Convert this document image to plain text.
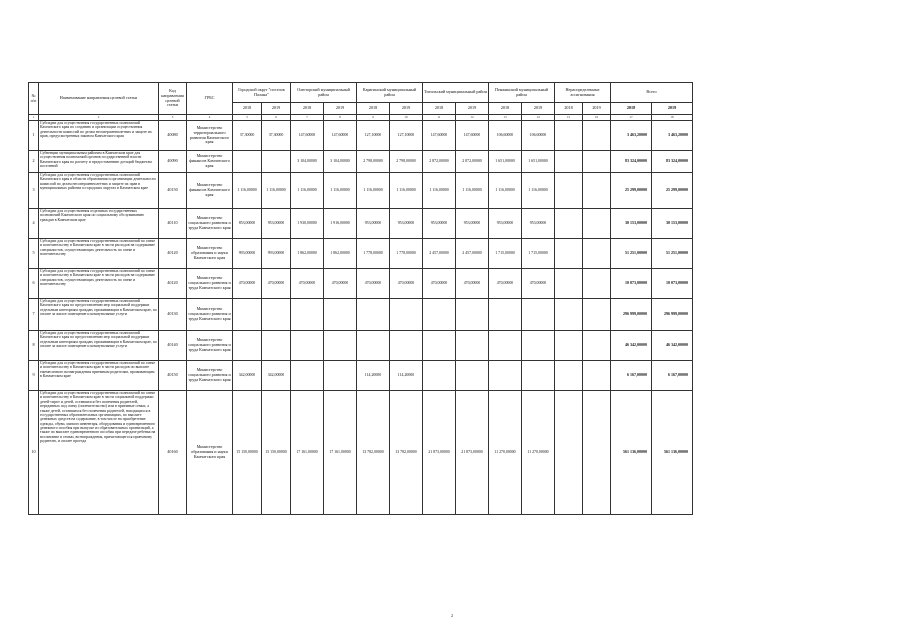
№ п/п	Наименование направления целевой статьи	Код направления целевой статьи	ГРБС	Городской округ "поселок Палана"		Олюторский муниципальный район		Карагинский муниципальный район		Тигильский муниципальный район		Пенжинский муниципальный район		Нераспределенные ассигнования		Всего	
				2018	2019	2018	2019	2018	2019	2018	2019	2018	2019	2018	2019	2018	2019
1	2	3	4	5	6	7	8	9	10	11	12	13	14	15	16	17	18
1	Субсидии для осуществления государственных полномочий Камчатского края по созданию и организации осуществления деятельности комиссий по делам несовершеннолетних и защите их прав, предусмотренных законом Камчатского края	40080	Министерство территориального развития Камчатского края	37,30000	37,30000	147,60000	147,60000	127,10000	127,10000	147,60000	147,60000	106,60000	106,60000			3 463,20000	3 463,20000
2	Субвенции муниципальным районам в Камчатском крае для осуществления полномочий органов государственной власти Камчатского края по расчету и предоставлению дотаций бюджетам поселений	40090	Министерство финансов Камчатского края			3 104,00000	3 104,00000	2 798,00000	2 798,00000	2 872,00000	2 872,00000	1 651,00000	1 651,00000			83 324,00000	83 324,00000
3	Субсидии для осуществления государственных полномочий Камчатского края в области образования и организации деятельности комиссий по делам несовершеннолетних и защите их прав в муниципальных районах и городских округах в Камчатском крае	40150	Министерство финансов Камчатского края	1 116,00000	1 116,00000	1 116,00000	1 116,00000	1 116,00000	1 116,00000	1 116,00000	1 116,00000	1 116,00000	1 116,00000			25 299,00000	25 299,00000
4	Субсидии для осуществления отдельных государственных полномочий Камчатского края по социальному обслуживанию граждан в Камчатском крае	40110	Министерство социального развития и труда Камчатского края	853,00000	953,00000	1 930,00000	1 916,00000	953,00000	953,00000	953,00000	953,00000	953,00000	953,00000			30 153,00000	30 153,00000
5	Субсидии для осуществления государственных полномочий по опеке и попечительству в Камчатском крае в части расходов на содержание специалистов, осуществляющих деятельность по опеке и попечительству	40120	Министерство образования и науки Камчатского края	993,00000	993,00000	1 862,00000	1 862,00000	1 778,00000	1 778,00000	2 457,00000	2 457,00000	1 715,00000	1 715,00000			51 251,00000	51 251,00000
6	Субсидии для осуществления государственных полномочий по опеке и попечительству в Камчатском крае в части расходов на содержание специалистов, осуществляющих деятельность по опеке и попечительству	40120	Министерство социального развития и труда Камчатского края	470,00000	470,00000	470,00000	470,00000	470,00000	470,00000	470,00000	470,00000	470,00000	470,00000			10 073,00000	10 073,00000
7	Субсидии для осуществления государственных полномочий Камчатского края по предоставлению мер социальной поддержки отдельным категориям граждан, проживающим в Камчатском крае, по оплате за жилое помещение и коммунальные услуги	40130	Министерство социального развития и труда Камчатского края													296 999,00000	296 999,00000
8	Субсидии для осуществления государственных полномочий Камчатского края по предоставлению мер социальной поддержки отдельным категориям граждан, проживающим в Камчатском крае, по оплате за жилое помещение и коммунальные услуги	40140	Министерство социального развития и труда Камчатского края													46 342,00000	46 342,00000
9	Субсидии для осуществления государственных полномочий по опеке и попечительству в Камчатском крае в части расходов по выплате ежемесячного вознаграждения приемным родителям, проживающим в Камчатском крае	40150	Министерство социального развития и труда Камчатского края	342,00000	342,00000			114,20000	114,20000							6 167,00000	6 167,00000
10	Субсидии для осуществления государственных полномочий по опеке и попечительству в Камчатском крае в части социальной поддержки детей-сирот и детей, оставшихся без попечения родителей, переданных под опеку (попечительство) или в приемные семьи, а также детей, оставшихся без попечения родителей, находящихся в государственных образовательных организациях, по выплате денежных средств на содержание, в том числе на приобретение одежды, обуви, мягкого инвентаря, оборудования и единовременного денежного пособия при выпуске из образовательных организаций, а также по выплате единовременного пособия при передаче ребенка на воспитание в семью, вознаграждения, причитающегося приемному родителю, и оплате проезда	40160	Министерство образования и науки Камчатского края	15 150,00000	15 150,00000	17 161,00000	17 161,00000	13 782,00000	13 782,00000	21 873,00000	21 873,00000	11 270,00000	11 270,00000			561 136,00000	561 136,00000
2
